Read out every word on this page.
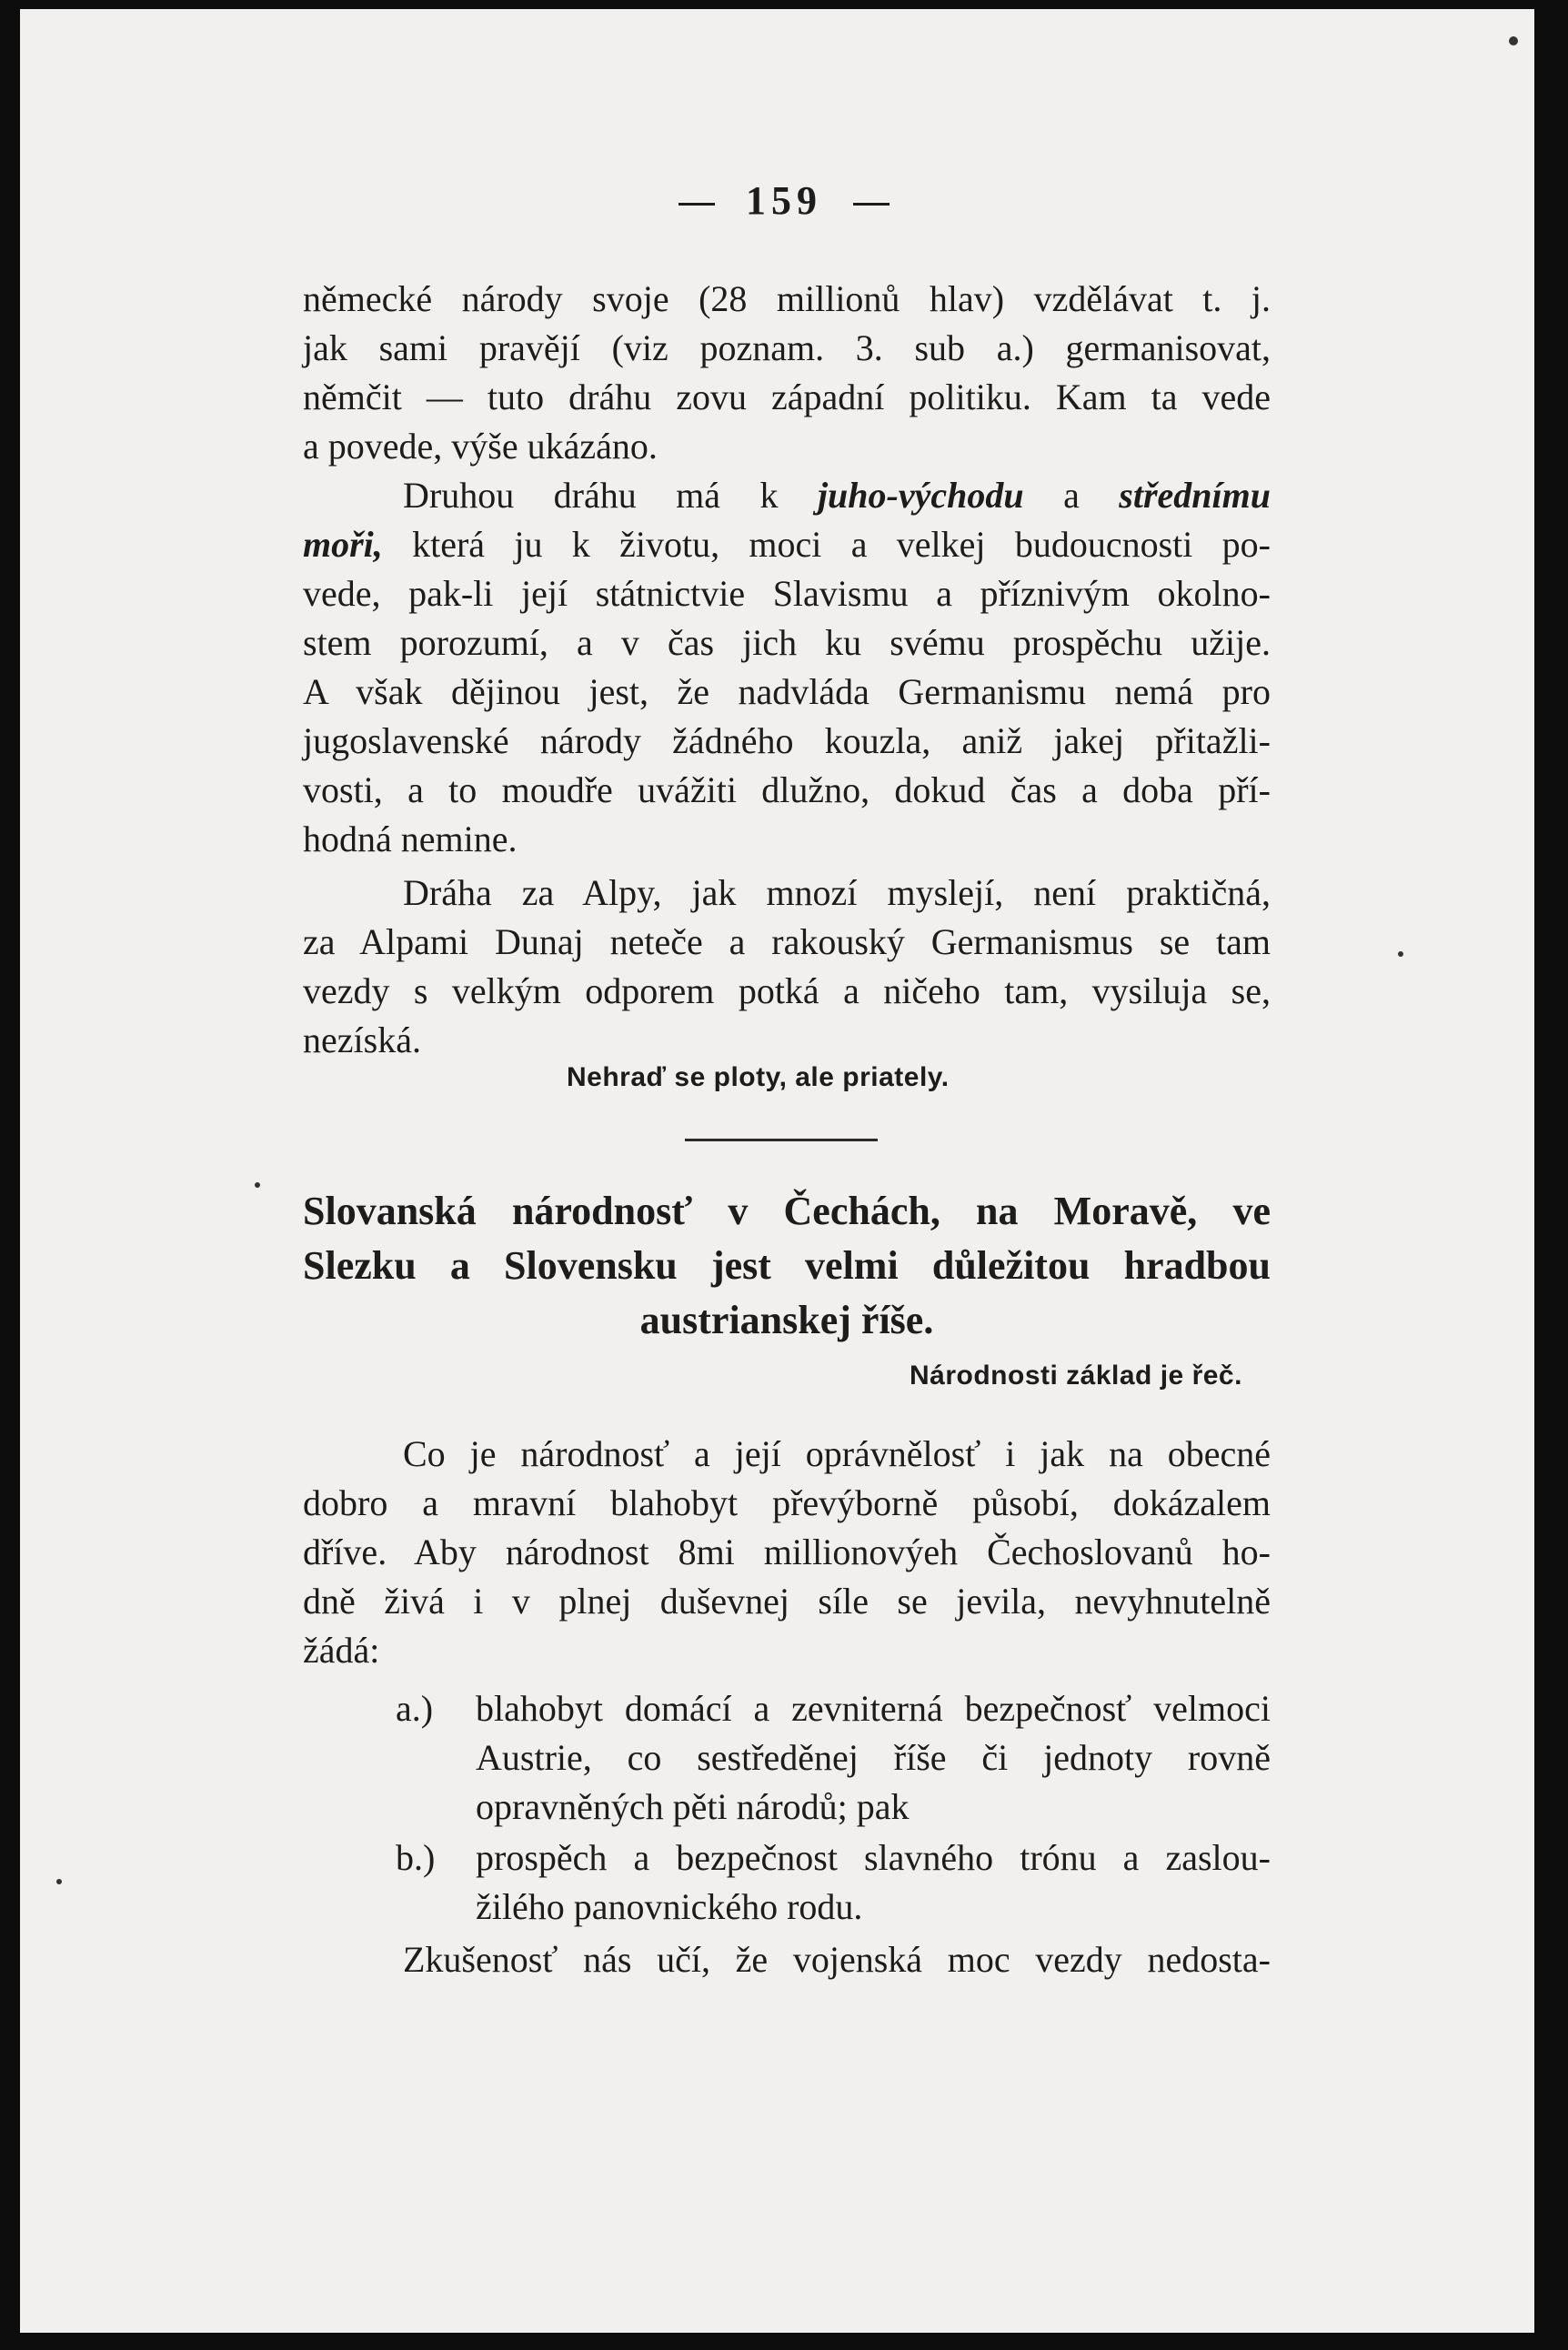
159
německé národy svoje (28 millionů hlav) vzdělávat t. j.
jak sami pravějí (viz poznam. 3. sub a.) germanisovat,
němčit — tuto dráhu zovu západní politiku. Kam ta vede
a povede, výše ukázáno.
Druhou dráhu má k juho-východu a střednímu
moři, která ju k životu, moci a velkej budoucnosti po-
vede, pak-li její státnictvie Slavismu a příznivým okolno-
stem porozumí, a v čas jich ku svému prospěchu užije.
A však dějinou jest, že nadvláda Germanismu nemá pro
jugoslavenské národy žádného kouzla, aniž jakej přitažli-
vosti, a to moudře uvážiti dlužno, dokud čas a doba pří-
hodná nemine.
Dráha za Alpy, jak mnozí myslejí, není praktičná,
za Alpami Dunaj neteče a rakouský Germanismus se tam
vezdy s velkým odporem potká a ničeho tam, vysiluja se,
nezíská.
Nehraď se ploty, ale priately.
Slovanská národnosť v Čechách, na Moravě, ve
Slezku a Slovensku jest velmi důležitou hradbou
austrianskej říše.
Národnosti základ je řeč.
Co je národnosť a její oprávnělosť i jak na obecné
dobro a mravní blahobyt převýborně působí, dokázalem
dříve. Aby národnost 8mi millionovýeh Čechoslovanů ho-
dně živá i v plnej duševnej síle se jevila, nevyhnutelně
žádá:
a.)	blahobyt domácí a zevniterná bezpečnosť velmoci
Austrie, co sestředěnej říše či jednoty rovně
opravněných pěti národů; pak
b.)	prospěch a bezpečnost slavného trónu a zaslou-
žilého panovnického rodu.
Zkušenosť nás učí, že vojenská moc vezdy nedosta-
